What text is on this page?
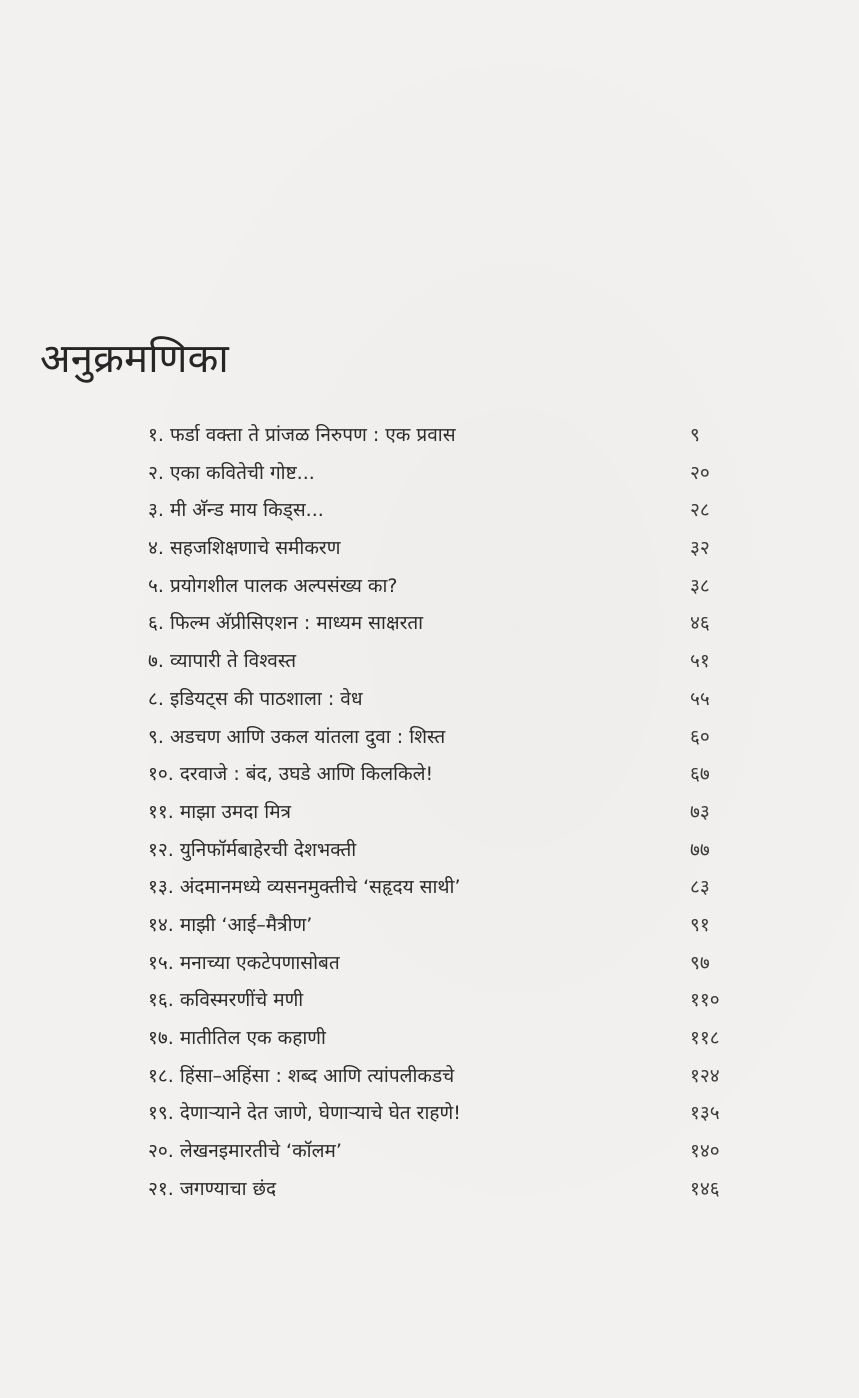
अनुक्रमणिका
१. फर्डा वक्ता ते प्रांजळ निरुपण : एक प्रवास	९
२. एका कवितेची गोष्ट...	२०
३. मी अ‍ॅन्ड माय किड्स...	२८
४. सहजशिक्षणाचे समीकरण	३२
५. प्रयोगशील पालक अल्पसंख्य का?	३८
६. फिल्म अ‍ॅप्रीसिएशन : माध्यम साक्षरता	४६
७. व्यापारी ते विश्वस्त	५१
८. इडियट्स की पाठशाला : वेध	५५
९. अडचण आणि उकल यांतला दुवा : शिस्त	६०
१०. दरवाजे : बंद, उघडे आणि किलकिले!	६७
११. माझा उमदा मित्र	७३
१२. युनिफॉर्मबाहेरची देशभक्ती	७७
१३. अंदमानमध्ये व्यसनमुक्तीचे ‘सहृदय साथी’	८३
१४. माझी ‘आई–मैत्रीण’	९१
१५. मनाच्या एकटेपणासोबत	९७
१६. कविस्मरणींचे मणी	११०
१७. मातीतिल एक कहाणी	११८
१८. हिंसा–अहिंसा : शब्द आणि त्यांपलीकडचे	१२४
१९. देणाऱ्याने देत जाणे, घेणाऱ्याचे घेत राहणे!	१३५
२०. लेखनइमारतीचे ‘कॉलम’	१४०
२१. जगण्याचा छंद	१४६
